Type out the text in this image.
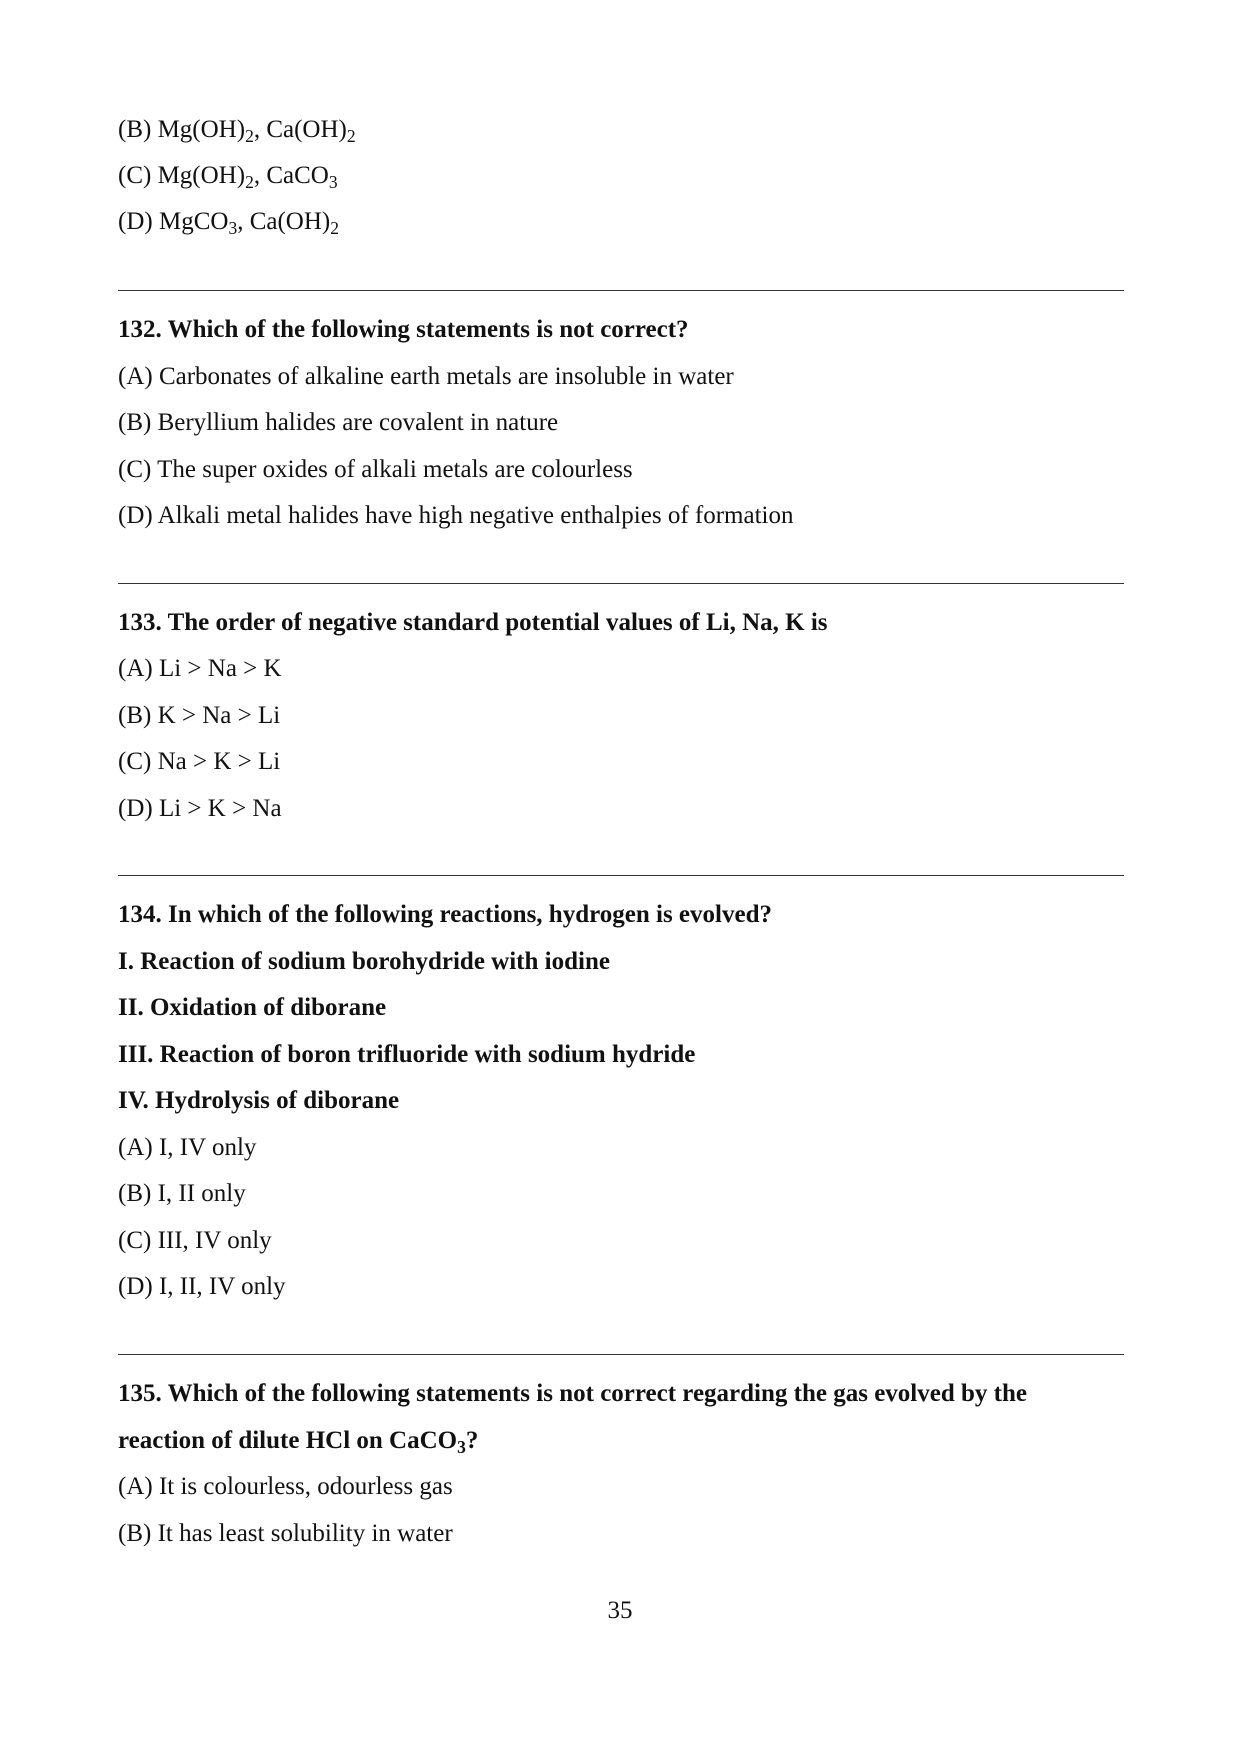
(B) $Mg(OH)_2$, $Ca(OH)_2$

(C) $Mg(OH)_2$, CaCO$_3$

(D) MgCO$_3$, $Ca(OH)_2$

132. Which of the following statements is not correct?

(A) Carbonates of alkaline earth metals are insoluble in water

(B) Beryllium halides are covalent in nature

(C) The super oxides of alkali metals are colourless

(D) Alkali metal halides have high negative enthalpies of formation

133. The order of negative standard potential values of Li, Na, K is

(A) Li > Na > K

(B) K > Na > Li

(C) Na > K > Li

(D) Li > K > Na

134. In which of the following reactions, hydrogen is evolved?

I. Reaction of sodium borohydride with iodine

II. Oxidation of diborane

III. Reaction of boron trifluoride with sodium hydride

IV. Hydrolysis of diborane

(A) I, IV only

(B) I, II only

(C) III, IV only

(D) I, II, IV only

135. Which of the following statements is not correct regarding the gas evolved by the

reaction of dilute HCl on CaCO$_3$?

(A) It is colourless, odourless gas

(B) It has least solubility in water

35
